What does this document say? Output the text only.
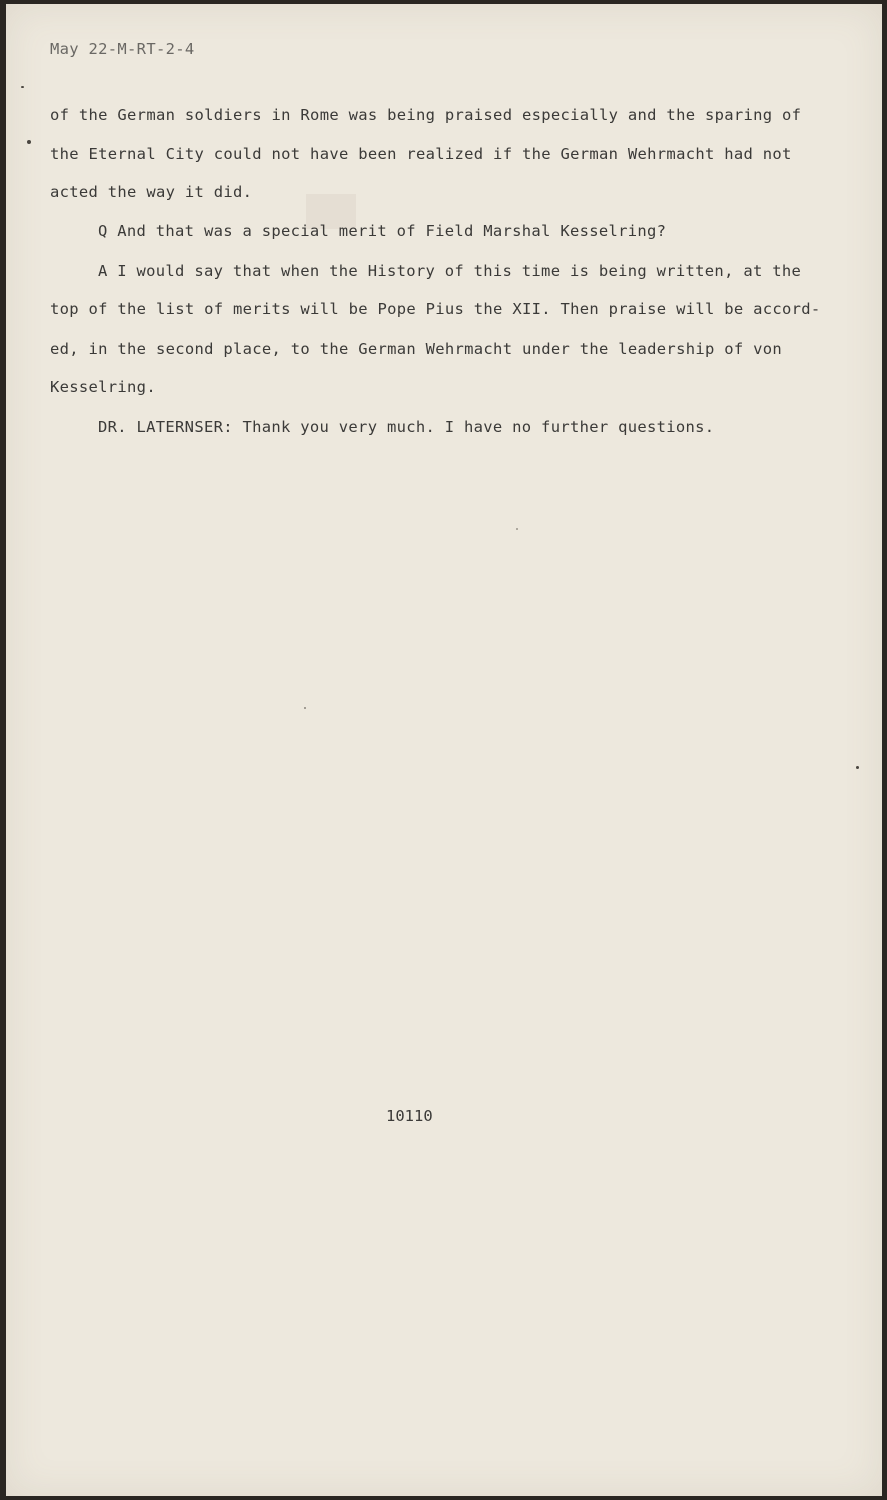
May 22-M-RT-2-4

of the German soldiers in Rome was being praised especially and the sparing of

the Eternal City could not have been realized if the German Wehrmacht had not

acted the way it did.

Q And that was a special merit of Field Marshal Kesselring?

A I would say that when the History of this time is being written, at the

top of the list of merits will be Pope Pius the XII. Then praise will be accord-

ed, in the second place, to the German Wehrmacht under the leadership of von

Kesselring.

DR. LATERNSER: Thank you very much. I have no further questions.

10110
